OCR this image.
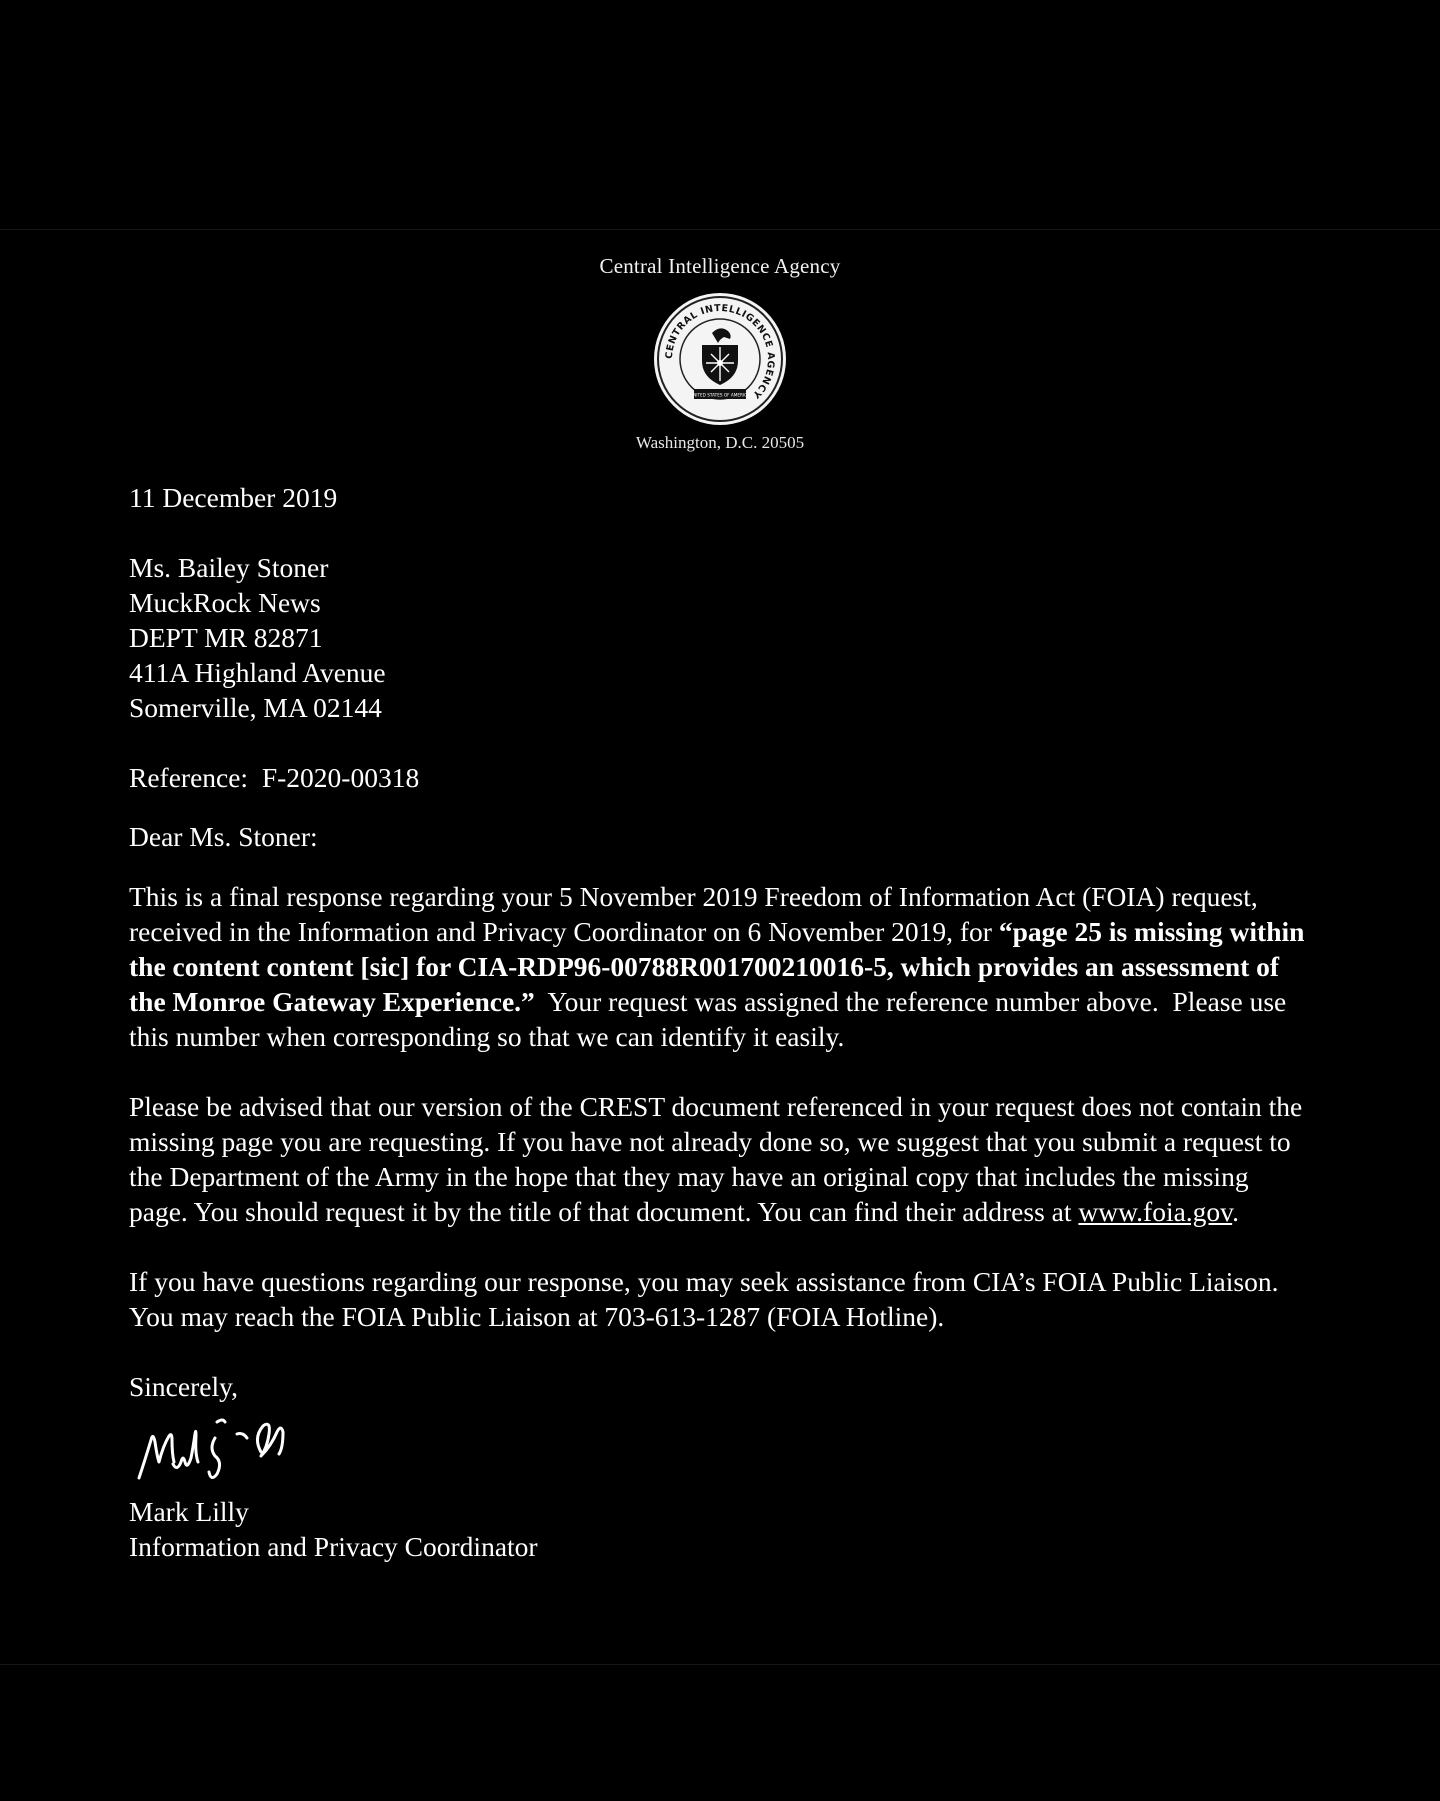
Central Intelligence Agency
CENTRAL INTELLIGENCE AGENCY
UNITED STATES OF AMERICA
Washington, D.C. 20505

11 December 2019

Ms. Bailey Stoner
MuckRock News
DEPT MR 82871
411A Highland Avenue
Somerville, MA 02144

Reference: F-2020-00318

Dear Ms. Stoner:

This is a final response regarding your 5 November 2019 Freedom of Information Act (FOIA) request, received in the Information and Privacy Coordinator on 6 November 2019, for “page 25 is missing within the content content [sic] for CIA-RDP96-00788R001700210016-5, which provides an assessment of the Monroe Gateway Experience.”  Your request was assigned the reference number above.  Please use this number when corresponding so that we can identify it easily.

Please be advised that our version of the CREST document referenced in your request does not contain the missing page you are requesting. If you have not already done so, we suggest that you submit a request to the Department of the Army in the hope that they may have an original copy that includes the missing page. You should request it by the title of that document. You can find their address at www.foia.gov.

If you have questions regarding our response, you may seek assistance from CIA’s FOIA Public Liaison. You may reach the FOIA Public Liaison at 703-613-1287 (FOIA Hotline).

Sincerely,

Mark Lilly
Information and Privacy Coordinator
